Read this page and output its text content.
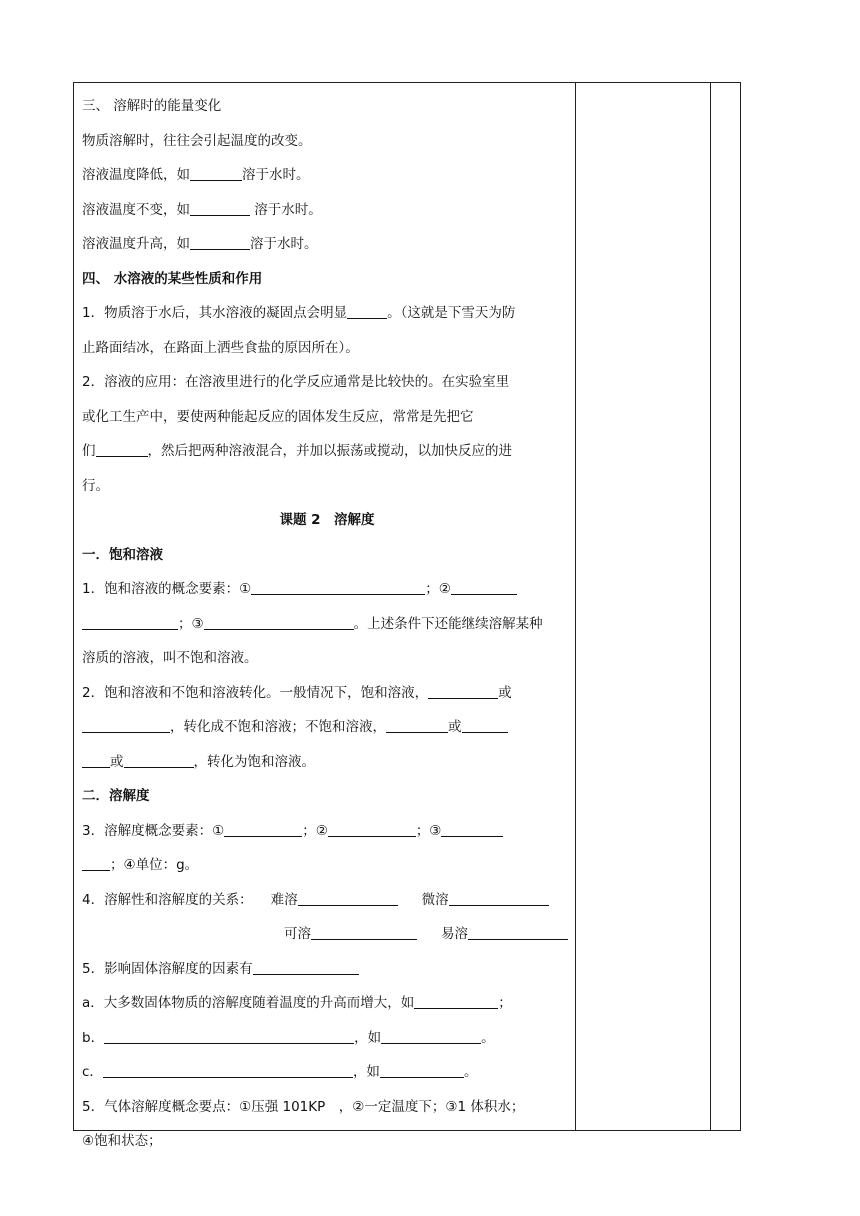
三、 溶解时的能量变化
物质溶解时，往往会引起温度的改变。
溶液温度降低，如	溶于水时。
溶液温度不变，如	溶于水时。
溶液温度升高，如	溶于水时。
四、 水溶液的某些性质和作用
1．物质溶于水后，其水溶液的凝固点会明显	。（这就是下雪天为防
止路面结冰，在路面上洒些食盐的原因所在）。
2．溶液的应用：在溶液里进行的化学反应通常是比较快的。在实验室里
或化工生产中，要使两种能起反应的固体发生反应，常常是先把它
们	，然后把两种溶液混合，并加以振荡或搅动，以加快反应的进
行。
课题 2　溶解度
一．饱和溶液
1．饱和溶液的概念要素：①	；②
；③	。上述条件下还能继续溶解某种
溶质的溶液，叫不饱和溶液。
2．饱和溶液和不饱和溶液转化。一般情况下，饱和溶液，	或
，转化成不饱和溶液；不饱和溶液，	或
或	，转化为饱和溶液。
二．溶解度
3．溶解度概念要素：①	；②	；③
；④单位：g。
4．溶解性和溶解度的关系： 难溶	微溶
可溶	易溶
5．影响固体溶解度的因素有
a．大多数固体物质的溶解度随着温度的升高而增大，如	；
b．	，如	。
c．	，如	。
5．气体溶解度概念要点：①压强 101KP　，②一定温度下；③1 体积水；
④饱和状态；
